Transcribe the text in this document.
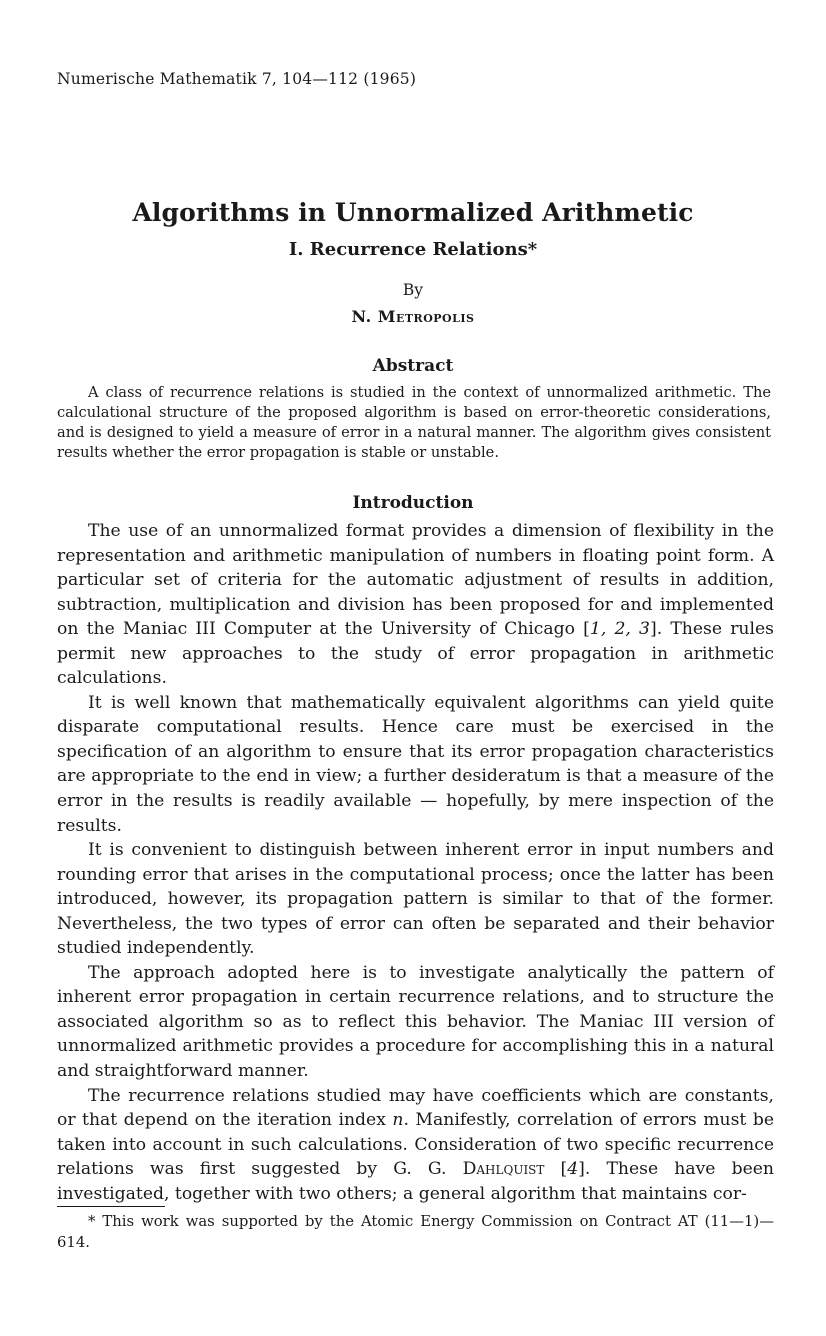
Numerische Mathematik 7, 104—112 (1965)
Algorithms in Unnormalized Arithmetic
I. Recurrence Relations*
By
N. Metropolis
Abstract
A class of recurrence relations is studied in the context of unnormalized arithmetic. The calculational structure of the proposed algorithm is based on error-theoretic considerations, and is designed to yield a measure of error in a natural manner. The algorithm gives consistent results whether the error propagation is stable or unstable.
Introduction

The use of an unnormalized format provides a dimension of flexibility in the representation and arithmetic manipulation of numbers in floating point form. A particular set of criteria for the automatic adjustment of results in addition, subtraction, multiplication and division has been proposed for and implemented on the Maniac III Computer at the University of Chicago [1, 2, 3]. These rules permit new approaches to the study of error propagation in arithmetic calculations.

It is well known that mathematically equivalent algorithms can yield quite disparate computational results. Hence care must be exercised in the specification of an algorithm to ensure that its error propagation characteristics are appropriate to the end in view; a further desideratum is that a measure of the error in the results is readily available — hopefully, by mere inspection of the results.

It is convenient to distinguish between inherent error in input numbers and rounding error that arises in the computational process; once the latter has been introduced, however, its propagation pattern is similar to that of the former. Nevertheless, the two types of error can often be separated and their behavior studied independently.

The approach adopted here is to investigate analytically the pattern of inherent error propagation in certain recurrence relations, and to structure the associated algorithm so as to reflect this behavior. The Maniac III version of unnormalized arithmetic provides a procedure for accomplishing this in a natural and straightforward manner.

The recurrence relations studied may have coefficients which are constants, or that depend on the iteration index n. Manifestly, correlation of errors must be taken into account in such calculations. Consideration of two specific recurrence relations was first suggested by G. G. Dahlquist [4]. These have been investigated, together with two others; a general algorithm that maintains cor-

* This work was supported by the Atomic Energy Commission on Contract AT (11—1)—614.
